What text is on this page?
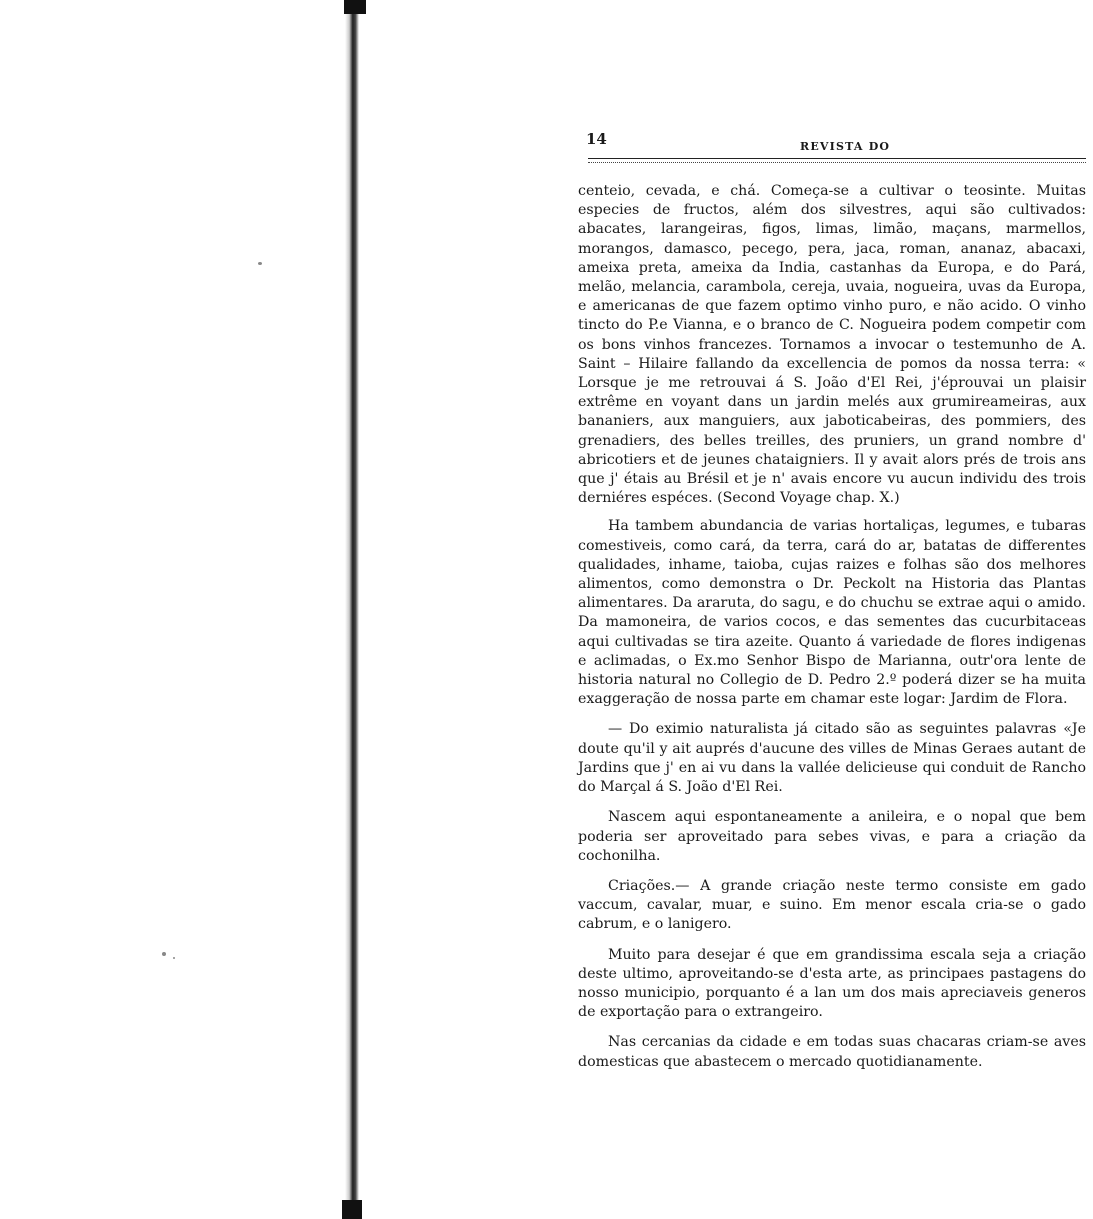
14	REVISTA DO

centeio, cevada, e chá. Começa-se a cultivar o teosinte. Muitas especies de fructos, além dos silvestres, aqui são cultivados: abacates, larangeiras, figos, limas, limão, maçans, marmellos, morangos, damasco, pecego, pera, jaca, roman, ananaz, abacaxi, ameixa preta, ameixa da India, castanhas da Europa, e do Pará, melão, melancia, carambola, cereja, uvaia, nogueira, uvas da Europa, e americanas de que fazem optimo vinho puro, e não acido. O vinho tincto do P.e Vianna, e o branco de C. Nogueira podem competir com os bons vinhos francezes. Tornamos a invocar o testemunho de A. Saint – Hilaire fallando da excellencia de pomos da nossa terra: « Lorsque je me retrouvai á S. João d'El Rei, j'éprouvai un plaisir extrême en voyant dans un jardin melés aux grumireameiras, aux bananiers, aux manguiers, aux jaboticabeiras, des pommiers, des grenadiers, des belles treilles, des pruniers, un grand nombre d' abricotiers et de jeunes chataigniers. Il y avait alors prés de trois ans que j' étais au Brésil et je n' avais encore vu aucun individu des trois derniéres espéces. (Second Voyage chap. X.)

Ha tambem abundancia de varias hortaliças, legumes, e tubaras comestiveis, como cará, da terra, cará do ar, batatas de differentes qualidades, inhame, taioba, cujas raizes e folhas são dos melhores alimentos, como demonstra o Dr. Peckolt na Historia das Plantas alimentares. Da araruta, do sagu, e do chuchu se extrae aqui o amido. Da mamoneira, de varios cocos, e das sementes das cucurbitaceas aqui cultivadas se tira azeite. Quanto á variedade de flores indigenas e aclimadas, o Ex.mo Senhor Bispo de Marianna, outr'ora lente de historia natural no Collegio de D. Pedro 2.º poderá dizer se ha muita exaggeração de nossa parte em chamar este logar: Jardim de Flora.

— Do eximio naturalista já citado são as seguintes palavras «Je doute qu'il y ait auprés d'aucune des villes de Minas Geraes autant de Jardins que j' en ai vu dans la vallée delicieuse qui conduit de Rancho do Marçal á S. João d'El Rei.

Nascem aqui espontaneamente a anileira, e o nopal que bem poderia ser aproveitado para sebes vivas, e para a criação da cochonilha.

Criações.— A grande criação neste termo consiste em gado vaccum, cavalar, muar, e suino. Em menor escala cria-se o gado cabrum, e o lanigero.

Muito para desejar é que em grandissima escala seja a criação deste ultimo, aproveitando-se d'esta arte, as principaes pastagens do nosso municipio, porquanto é a lan um dos mais apreciaveis generos de exportação para o extrangeiro.

Nas cercanias da cidade e em todas suas chacaras criam-se aves domesticas que abastecem o mercado quotidianamente.
